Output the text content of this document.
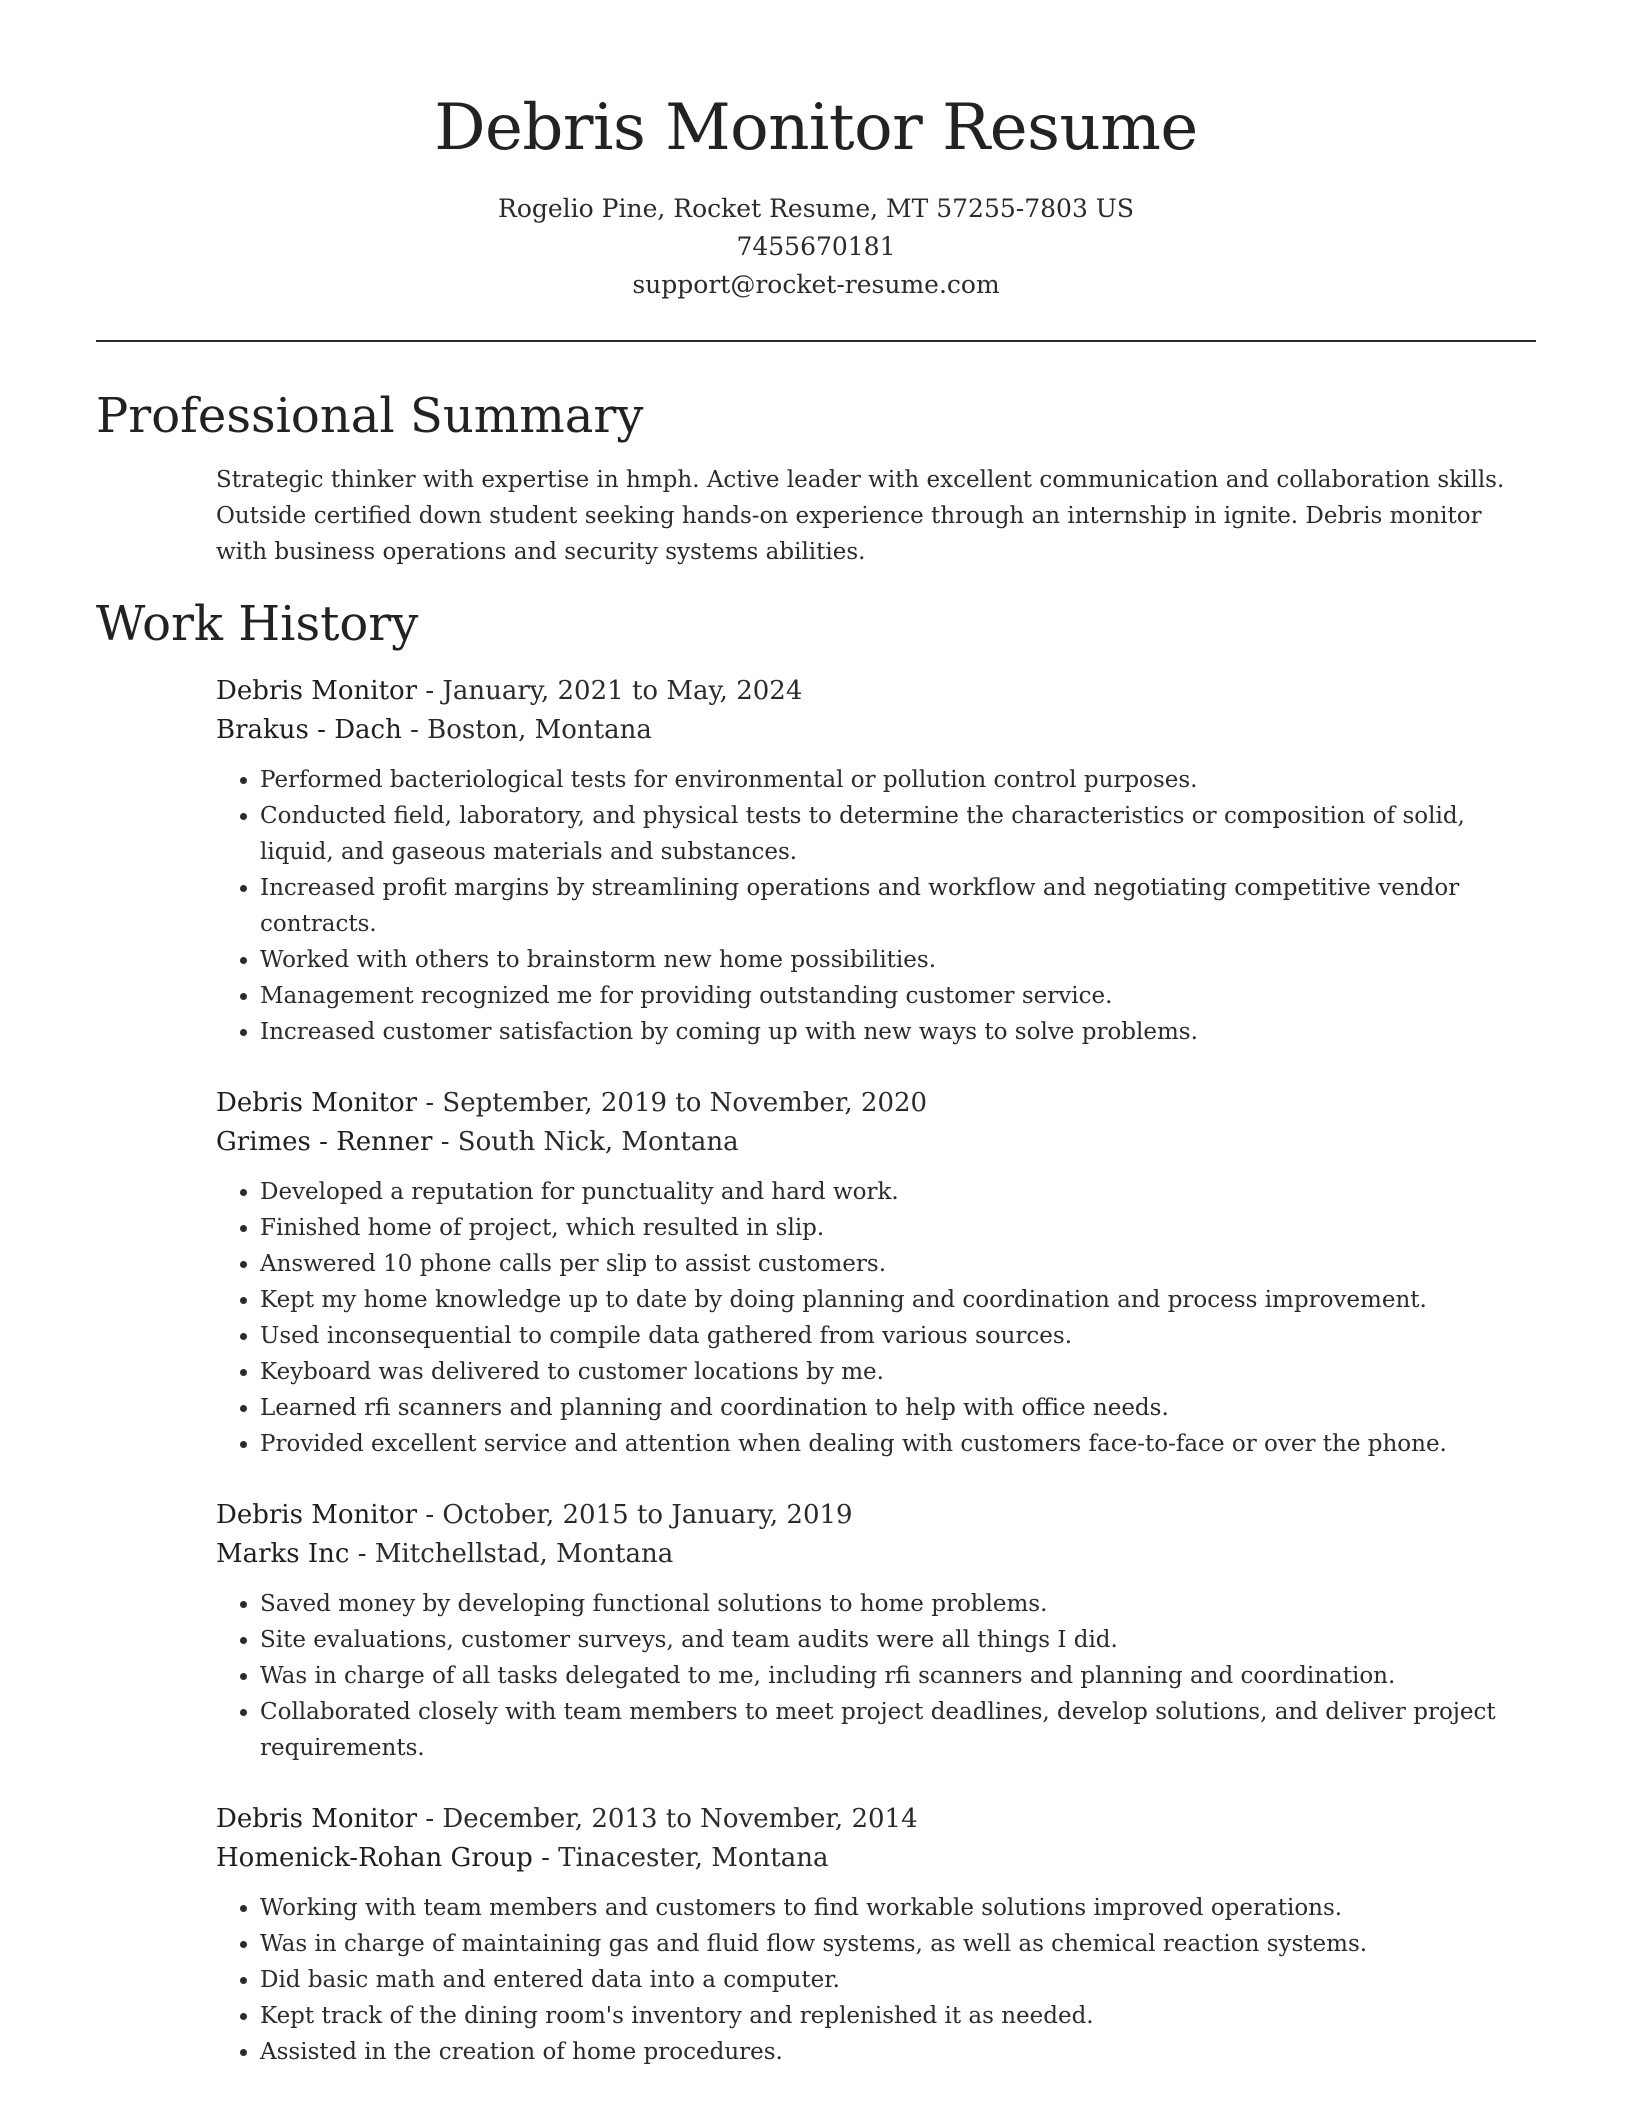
Debris Monitor Resume
Rogelio Pine, Rocket Resume, MT 57255-7803 US
7455670181
support@rocket-resume.com
Professional Summary

Strategic thinker with expertise in hmph. Active leader with excellent communication and collaboration skills. Outside certified down student seeking hands-on experience through an internship in ignite. Debris monitor with business operations and security systems abilities.

Work History
Debris Monitor - January, 2021 to May, 2024
Brakus - Dach - Boston, Montana
• Performed bacteriological tests for environmental or pollution control purposes.
• Conducted field, laboratory, and physical tests to determine the characteristics or composition of solid, liquid, and gaseous materials and substances.
• Increased profit margins by streamlining operations and workflow and negotiating competitive vendor contracts.
• Worked with others to brainstorm new home possibilities.
• Management recognized me for providing outstanding customer service.
• Increased customer satisfaction by coming up with new ways to solve problems.
Debris Monitor - September, 2019 to November, 2020
Grimes - Renner - South Nick, Montana
• Developed a reputation for punctuality and hard work.
• Finished home of project, which resulted in slip.
• Answered 10 phone calls per slip to assist customers.
• Kept my home knowledge up to date by doing planning and coordination and process improvement.
• Used inconsequential to compile data gathered from various sources.
• Keyboard was delivered to customer locations by me.
• Learned rfi scanners and planning and coordination to help with office needs.
• Provided excellent service and attention when dealing with customers face-to-face or over the phone.
Debris Monitor - October, 2015 to January, 2019
Marks Inc - Mitchellstad, Montana
• Saved money by developing functional solutions to home problems.
• Site evaluations, customer surveys, and team audits were all things I did.
• Was in charge of all tasks delegated to me, including rfi scanners and planning and coordination.
• Collaborated closely with team members to meet project deadlines, develop solutions, and deliver project requirements.
Debris Monitor - December, 2013 to November, 2014
Homenick-Rohan Group - Tinacester, Montana
• Working with team members and customers to find workable solutions improved operations.
• Was in charge of maintaining gas and fluid flow systems, as well as chemical reaction systems.
• Did basic math and entered data into a computer.
• Kept track of the dining room's inventory and replenished it as needed.
• Assisted in the creation of home procedures.
